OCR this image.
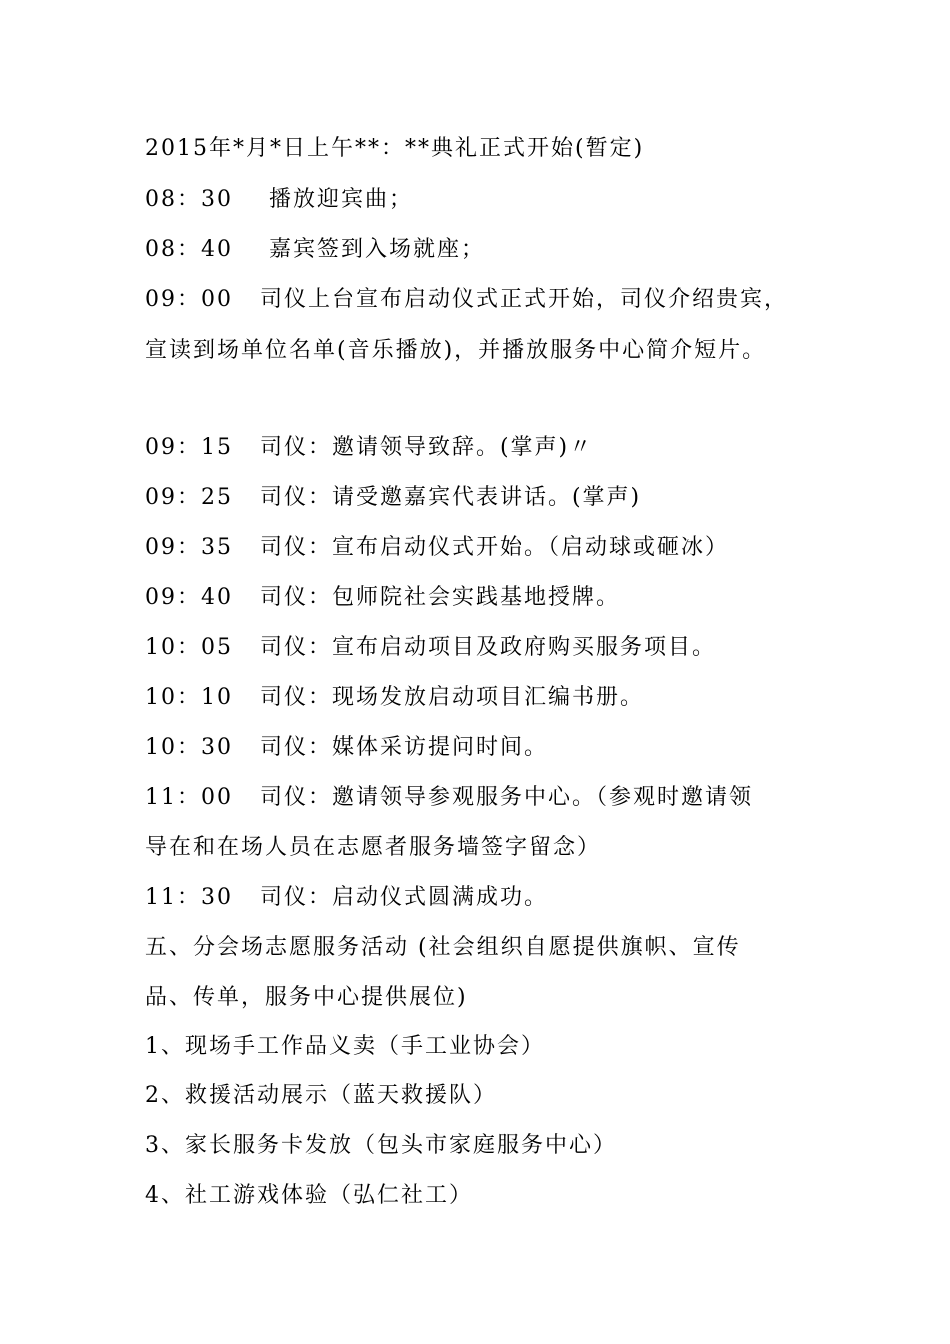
2015年*月*日上午**：**典礼正式开始(暂定)
08：30    播放迎宾曲；
08：40    嘉宾签到入场就座；
09：00   司仪上台宣布启动仪式正式开始，司仪介绍贵宾，
宣读到场单位名单(音乐播放)，并播放服务中心简介短片。
09：15   司仪：邀请领导致辞。(掌声)〃
09：25   司仪：请受邀嘉宾代表讲话。(掌声)
09：35   司仪：宣布启动仪式开始。（启动球或砸冰）
09：40   司仪：包师院社会实践基地授牌。
10：05   司仪：宣布启动项目及政府购买服务项目。
10：10   司仪：现场发放启动项目汇编书册。
10：30   司仪：媒体采访提问时间。
11：00   司仪：邀请领导参观服务中心。（参观时邀请领
导在和在场人员在志愿者服务墙签字留念）
11：30   司仪：启动仪式圆满成功。
五、分会场志愿服务活动 (社会组织自愿提供旗帜、宣传
品、传单，服务中心提供展位)
1、现场手工作品义卖（手工业协会）
2、救援活动展示（蓝天救援队）
3、家长服务卡发放（包头市家庭服务中心）
4、社工游戏体验（弘仁社工）
